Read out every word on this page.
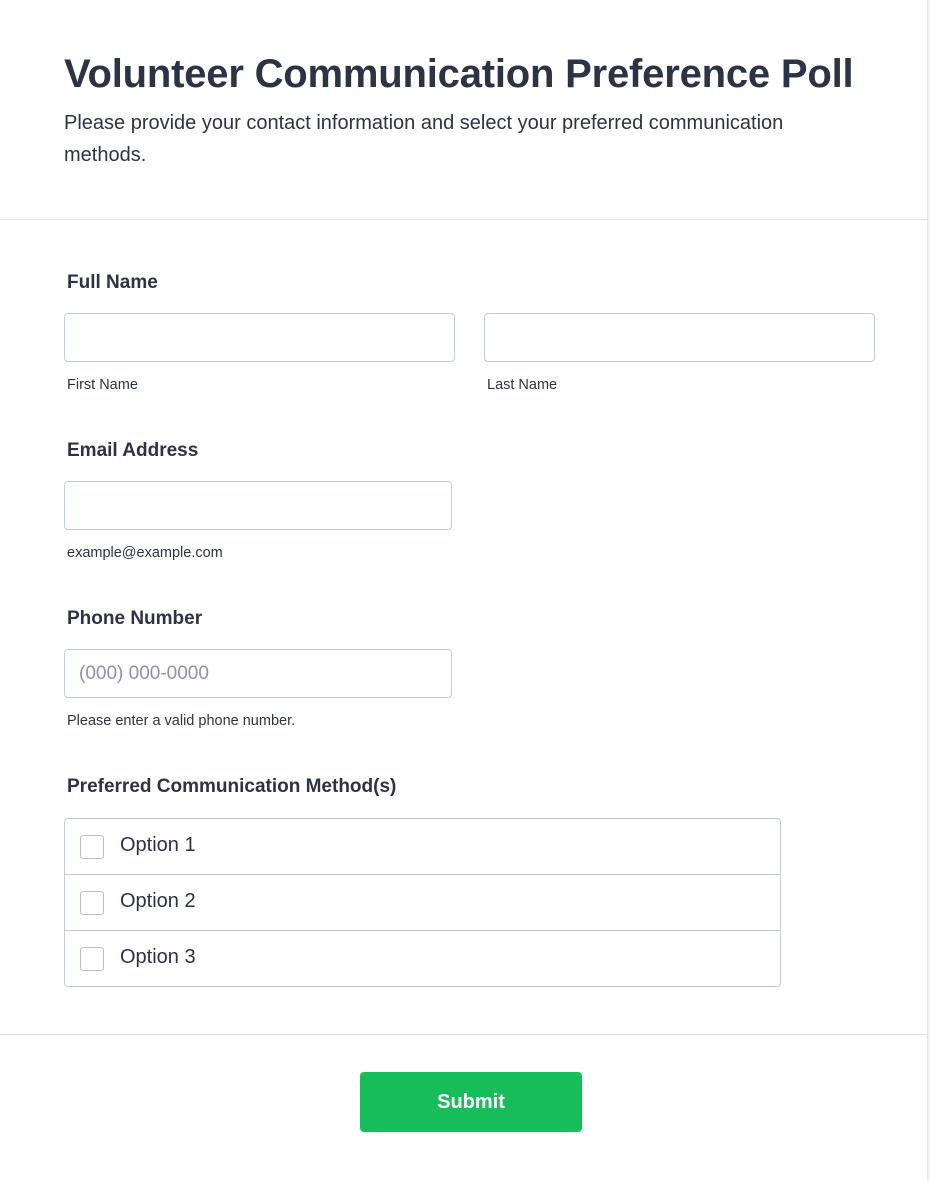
Volunteer Communication Preference Poll

Please provide your contact information and select your preferred communication methods.

Full Name
First Name	Last Name
Email Address
example@example.com
Phone Number
(000) 000-0000
Please enter a valid phone number.
Preferred Communication Method(s)
Option 1
Option 2
Option 3
Submit
